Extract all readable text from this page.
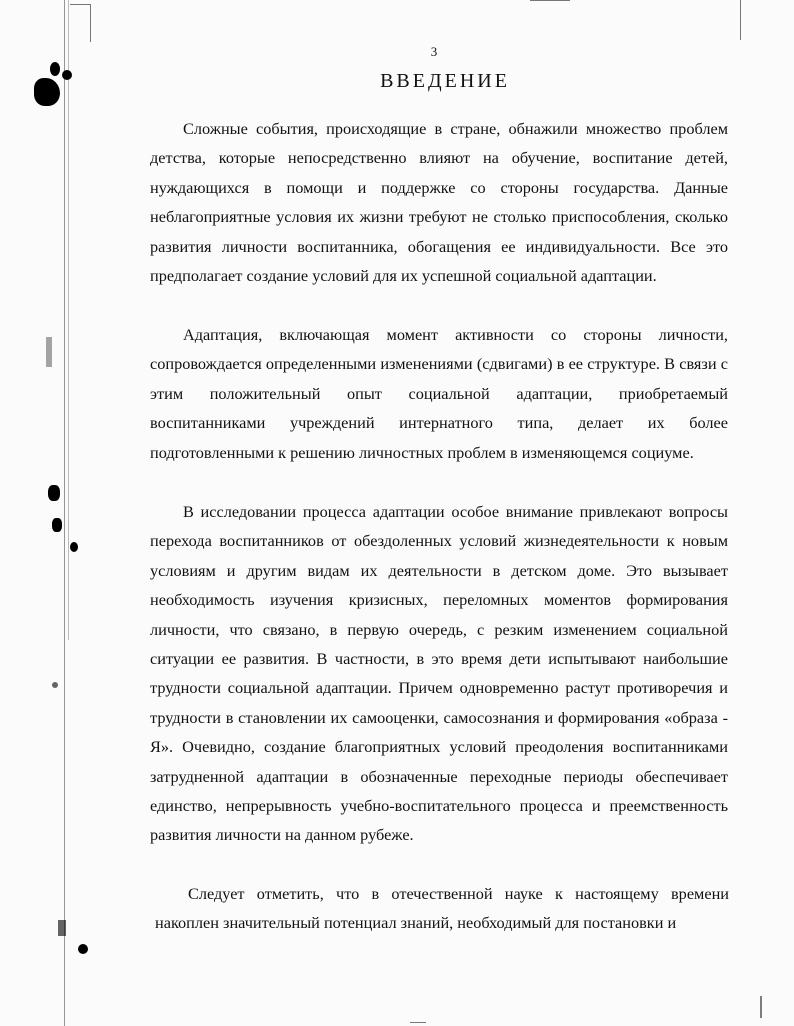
3
ВВЕДЕНИЕ

Сложные события, происходящие в стране, обнажили множество проблем детства, которые непосредственно влияют на обучение, воспитание детей, нуждающихся в помощи и поддержке со стороны государства. Данные неблагоприятные условия их жизни требуют не столько приспособления, сколько развития личности воспитанника, обогащения ее индивидуальности. Все это предполагает создание условий для их успешной социальной адаптации.

Адаптация, включающая момент активности со стороны личности, сопровождается определенными изменениями (сдвигами) в ее структуре. В связи с этим положительный опыт социальной адаптации, приобретаемый воспитанниками учреждений интернатного типа, делает их более подготовленными к решению личностных проблем в изменяющемся социуме.

В исследовании процесса адаптации особое внимание привлекают вопросы перехода воспитанников от обездоленных условий жизнедеятельности к новым условиям и другим видам их деятельности в детском доме. Это вызывает необходимость изучения кризисных, переломных моментов формирования личности, что связано, в первую очередь, с резким изменением социальной ситуации ее развития. В частности, в это время дети испытывают наибольшие трудности социальной адаптации. Причем одновременно растут противоречия и трудности в становлении их самооценки, самосознания и формирования «образа - Я». Очевидно, создание благоприятных условий преодоления воспитанниками затрудненной адаптации в обозначенные переходные периоды обеспечивает единство, непрерывность учебно-воспитательного процесса и преемственность развития личности на данном рубеже.

Следует отметить, что в отечественной науке к настоящему времени накоплен значительный потенциал знаний, необходимый для постановки и
